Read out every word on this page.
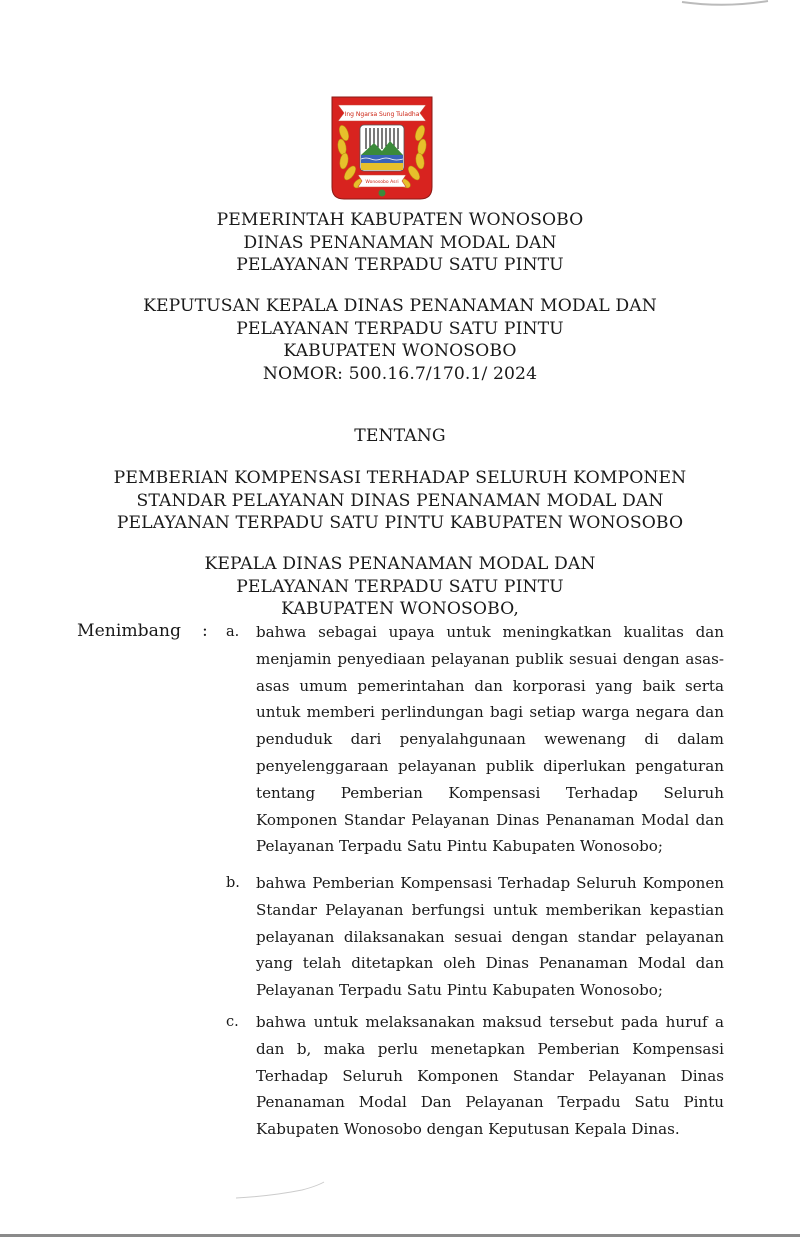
Ing Ngarsa Sung Tuladha
Wonosobo Asri
PEMERINTAH KABUPATEN WONOSOBO
DINAS PENANAMAN MODAL DAN
PELAYANAN TERPADU SATU PINTU
KEPUTUSAN KEPALA DINAS PENANAMAN MODAL DAN
PELAYANAN TERPADU SATU PINTU
KABUPATEN WONOSOBO
NOMOR: 500.16.7/170.1/ 2024
TENTANG
PEMBERIAN KOMPENSASI TERHADAP SELURUH KOMPONEN
STANDAR PELAYANAN DINAS PENANAMAN MODAL DAN
PELAYANAN TERPADU SATU PINTU KABUPATEN WONOSOBO
KEPALA DINAS PENANAMAN MODAL DAN
PELAYANAN TERPADU SATU PINTU
KABUPATEN WONOSOBO,
Menimbang : a. bahwa sebagai upaya untuk meningkatkan kualitas dan
menjamin penyediaan pelayanan publik sesuai dengan asas-
asas umum pemerintahan dan korporasi yang baik serta
untuk memberi perlindungan bagi setiap warga negara dan
penduduk dari penyalahgunaan wewenang di dalam
penyelenggaraan pelayanan publik diperlukan pengaturan
tentang Pemberian Kompensasi Terhadap Seluruh
Komponen Standar Pelayanan Dinas Penanaman Modal dan
Pelayanan Terpadu Satu Pintu Kabupaten Wonosobo;
b. bahwa Pemberian Kompensasi Terhadap Seluruh Komponen
Standar Pelayanan berfungsi untuk memberikan kepastian
pelayanan dilaksanakan sesuai dengan standar pelayanan
yang telah ditetapkan oleh Dinas Penanaman Modal dan
Pelayanan Terpadu Satu Pintu Kabupaten Wonosobo;
c. bahwa untuk melaksanakan maksud tersebut pada huruf a
dan b, maka perlu menetapkan Pemberian Kompensasi
Terhadap Seluruh Komponen Standar Pelayanan Dinas
Penanaman Modal Dan Pelayanan Terpadu Satu Pintu
Kabupaten Wonosobo dengan Keputusan Kepala Dinas.
